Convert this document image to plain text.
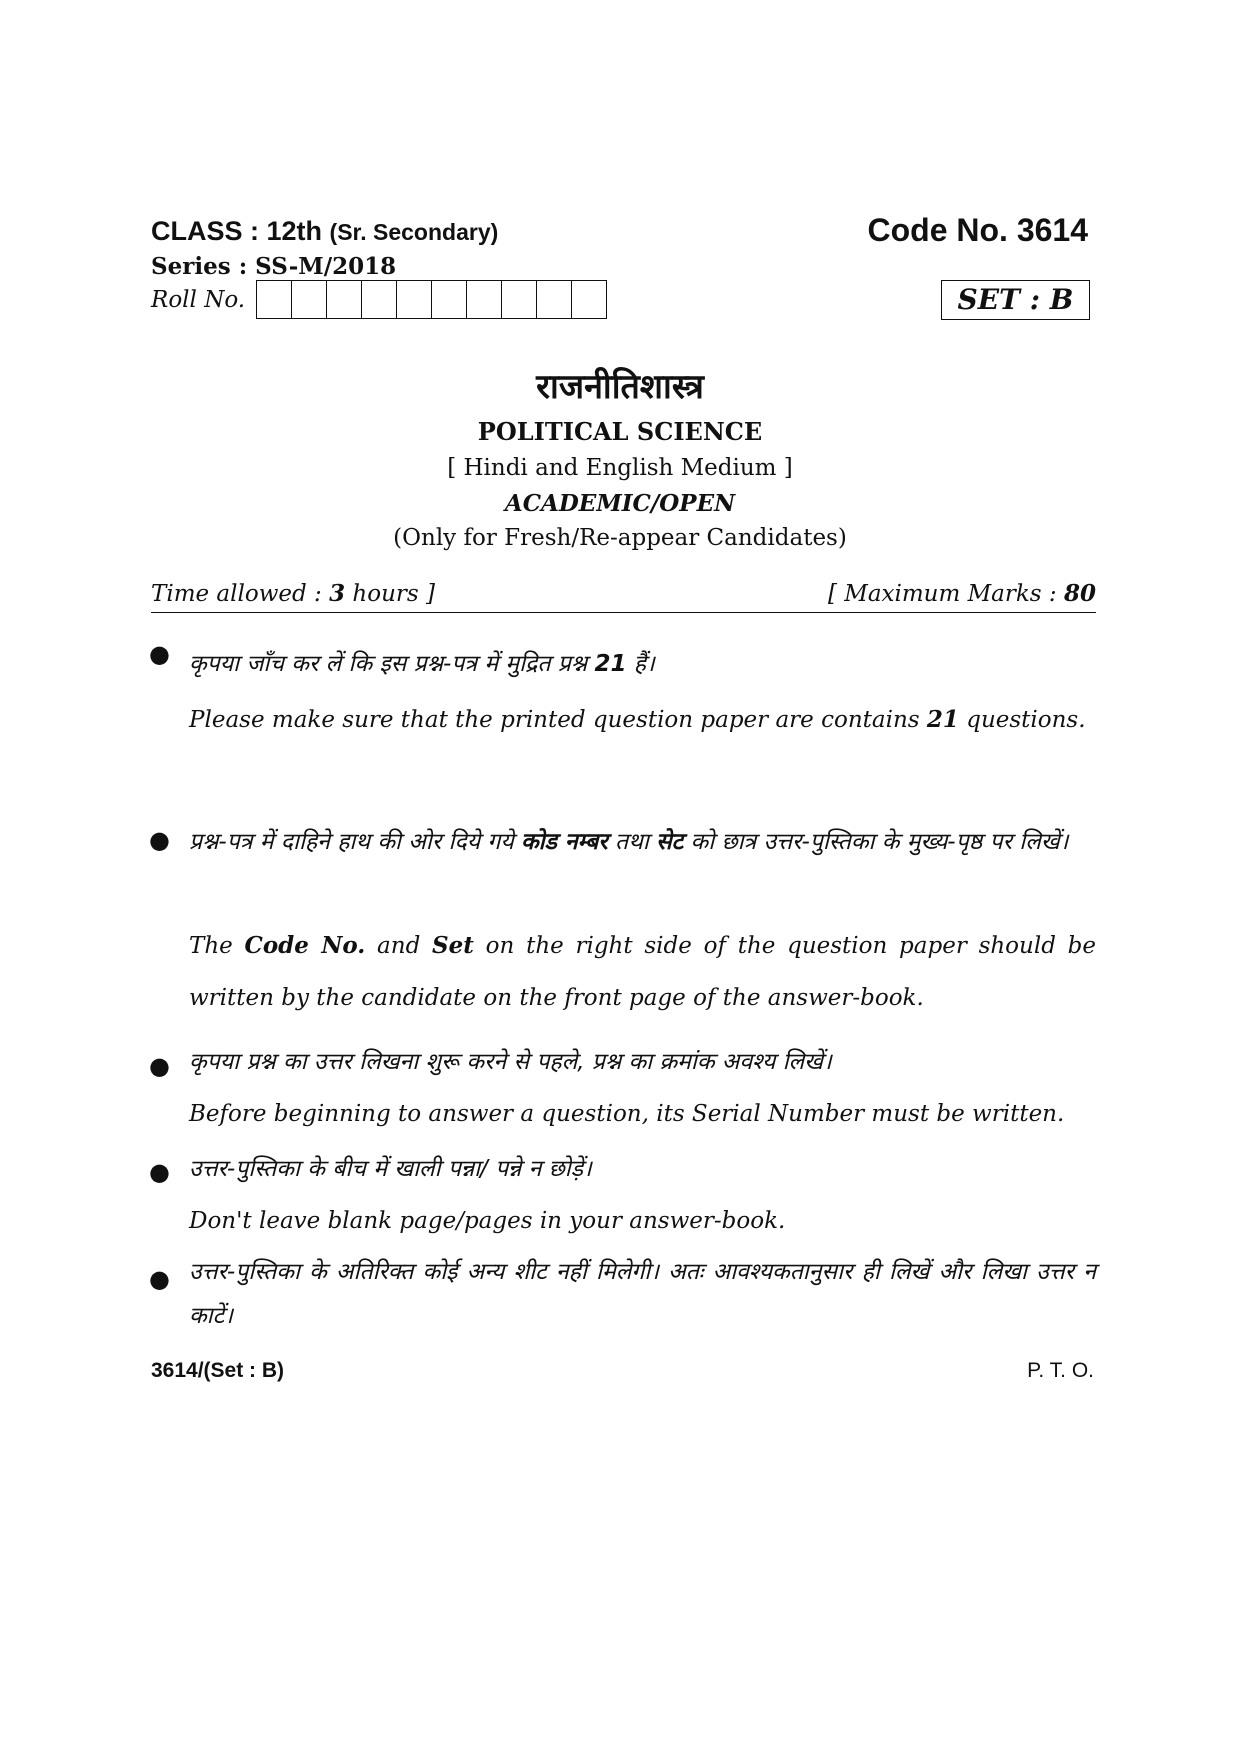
CLASS : 12th (Sr. Secondary)
Series : SS-M/2018
Roll No.
Code No. 3614
SET : B
राजनीतिशास्त्र
POLITICAL SCIENCE
[ Hindi and English Medium ]
ACADEMIC/OPEN
(Only for Fresh/Re-appear Candidates)
Time allowed : 3 hours ]	[ Maximum Marks : 80
● कृपया जाँच कर लें कि इस प्रश्न-पत्र में मुद्रित प्रश्न 21 हैं।
Please make sure that the printed question paper are contains 21 questions.
● प्रश्न-पत्र में दाहिने हाथ की ओर दिये गये कोड नम्बर तथा सेट को छात्र उत्तर-पुस्तिका के मुख्य-पृष्ठ पर लिखें।
The Code No. and Set on the right side of the question paper should be written by the candidate on the front page of the answer-book.
● कृपया प्रश्न का उत्तर लिखना शुरू करने से पहले, प्रश्न का क्रमांक अवश्य लिखें।
Before beginning to answer a question, its Serial Number must be written.
● उत्तर-पुस्तिका के बीच में खाली पन्ना/ पन्ने न छोड़ें।
Don't leave blank page/pages in your answer-book.
● उत्तर-पुस्तिका के अतिरिक्त कोई अन्य शीट नहीं मिलेगी। अतः आवश्यकतानुसार ही लिखें और लिखा उत्तर न काटें।
3614/(Set : B)	P. T. O.
